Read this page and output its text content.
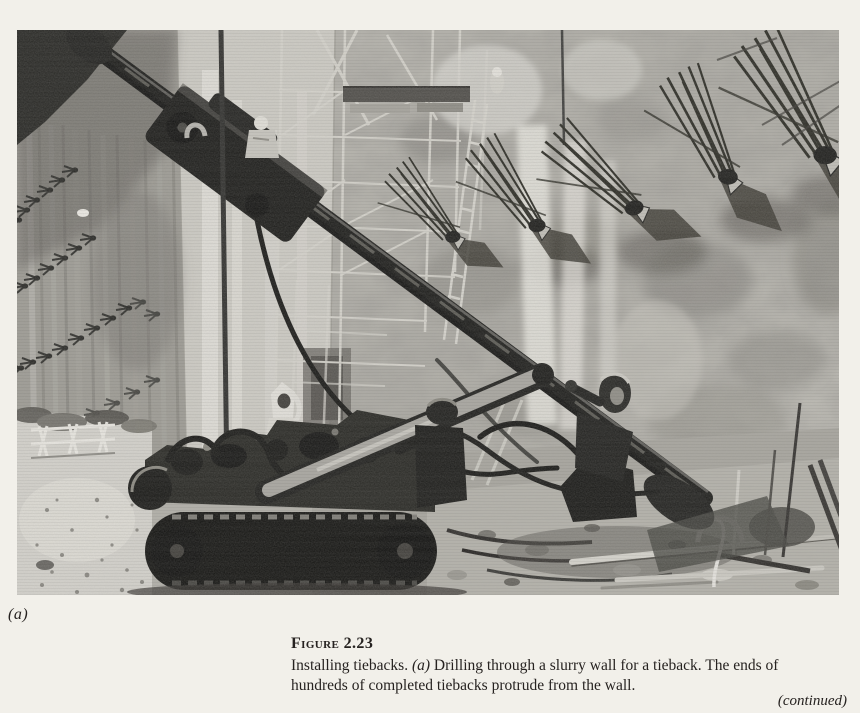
(a)
Figure 2.23
Installing tiebacks. (a) Drilling through a slurry wall for a tieback. The ends of
hundreds of completed tiebacks protrude from the wall.
(continued)
